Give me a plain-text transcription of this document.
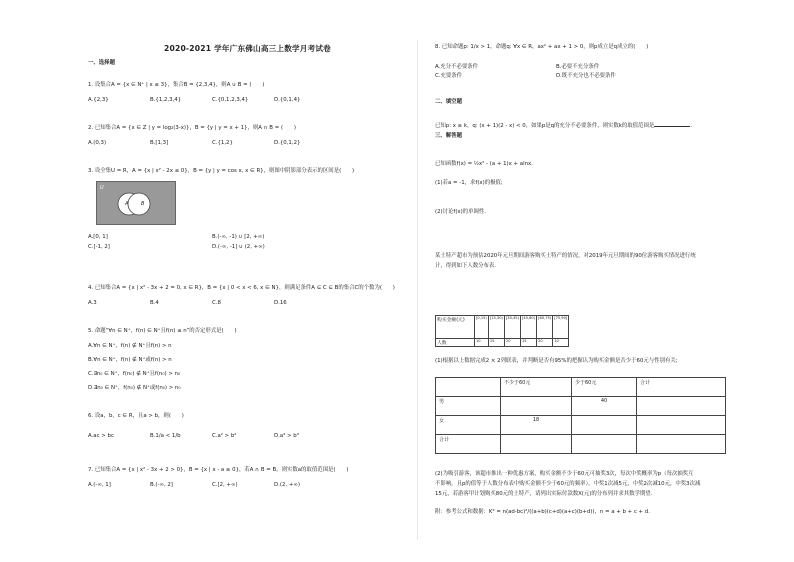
2020-2021 学年广东佛山高三上数学月考试卷
一、选择题
1. 设集合A = {x ∈ N⁺ | x ≤ 3}，集合B = {2,3,4}，则A ∪ B = (　　)
A.{2,3}	B.{1,2,3,4}	C.{0,1,2,3,4}	D.{0,1,4}
2. 已知集合A = {x ∈ Z | y = log₂(3-x)}，B = {y | y = x + 1}，则A ∩ B = (　　)
A.(0,3)	B.[1,3]	C.{1,2}	D.{0,1,2}
3. 设全集U = R，A = {x | x² - 2x ≤ 0}，B = {y | y = cos x, x ∈ R}，则图中阴影部分表示的区间是(　　)
U
A	B
A.[0, 1]	B.(-∞, -1) ∪ [2, +∞)
C.[-1, 2]	D.(-∞, -1] ∪ (2, +∞)
4. 已知集合A = {x | x² - 3x + 2 = 0, x ∈ R}，B = {x | 0 < x < 6, x ∈ N}，则满足条件A ⊆ C ⊆ B的集合C的个数为(　　)
A.3	B.4	C.8	D.16
5. 命题“∀n ∈ N⁺，f(n) ∈ N⁺且f(n) ≤ n”的否定形式是(　　)
A.∀n ∈ N⁺，f(n) ∉ N⁺且f(n) > n
B.∀n ∈ N⁺，f(n) ∉ N⁺或f(n) > n
C.∃n₀ ∈ N⁺，f(n₀) ∉ N⁺且f(n₀) > n₀
D.∃n₀ ∈ N⁺，f(n₀) ∉ N⁺或f(n₀) > n₀
6. 设a，b，c ∈ R，且a > b，则(　　)
A.ac > bc	B.1/a < 1/b	C.a² > b²	D.a³ > b³
7. 已知集合A = {x | x² - 3x + 2 > 0}，B = {x | x - a ≥ 0}，若A ∩ B = B，则实数a的取值范围是(　　)
A.(-∞, 1]	B.(-∞, 2]	C.[2, +∞)	D.(2, +∞)
8. 已知命题p: 1/x > 1，命题q: ∀x ∈ R，ax² + ax + 1 > 0，则p成立是q成立的(　　)
A.充分不必要条件	B.必要不充分条件
C.充要条件	D.既不充分也不必要条件
二、填空题
已知p: x ≥ k，q: (x + 1)(2 - x) < 0，如果p是q的充分不必要条件，则实数k的取值范围是	.
三、解答题
已知函数f(x) = ½x² - (a + 1)x + alnx.
(1)若a = -1，求f(x)的极值;
(2)讨论f(x)的单调性.
某土特产超市为预估2020年元旦期间游客购买土特产的情况，对2019年元旦期间的90位游客购买情况进行统
计，得到如下人数分布表.
购买金额(元)	[0,15)	[15,30)	[30,45)	[45,60)	[60,75)	[75,90]
人数	10	15	20	15	20	10
(1)根据以上数据完成2 × 2列联表，并判断是否有95%的把握认为购买金额是否少于60元与性别有关;
	不少于60元	少于60元	合计
男		40	
女	18		
合计			
(2)为吸引游客，该超市推出一种优惠方案，购买金额不少于60元可抽奖3次，每次中奖概率为p（每次抽奖互
不影响，且p的值等于人数分布表中购买金额不少于60元的频率），中奖1次减5元，中奖2次减10元，中奖3次减
15元，若游客甲计划购买80元的土特产，请列出实际付款数X(元)的分布列并求其数学期望.
附：参考公式和数据：K² = n(ad-bc)²/((a+b)(c+d)(a+c)(b+d))，n = a + b + c + d.
